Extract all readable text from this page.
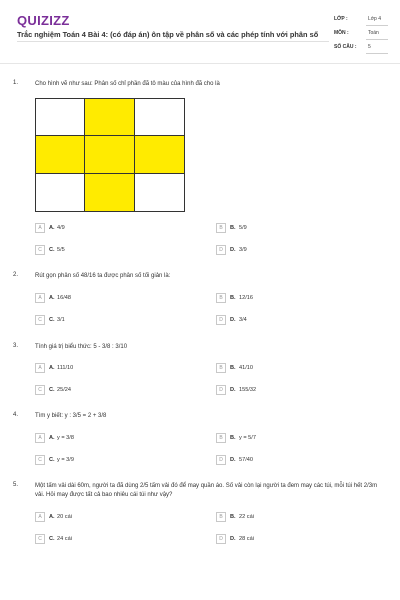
QUIZIZZ
Trắc nghiệm Toán 4 Bài 4: (có đáp án) ôn tập về phân số và các phép tính với phân số
LỚP :	Lớp 4
MÔN :	Toán
SỐ CÂU : 5
1.	Cho hình vẽ như sau: Phân số chỉ phần đã tô màu của hình đã cho là
A	A. 4/9	B	B. 5/9
C	C. 5/5	D	D. 3/9
2.	Rút gọn phân số 48/16 ta được phân số tối giản là:
A	A. 16/48	B	B. 12/16
C	C. 3/1	D	D. 3/4
3.	Tính giá trị biểu thức: 5 - 3/8 : 3/10
A	A. 111/10	B	B. 41/10
C	C. 25/24	D	D. 155/32
4.	Tìm y biết: y : 3/5 = 2 + 3/8
A	A. y = 3/8	B	B. y = 5/7
C	C. y = 3/9	D	D. 57/40
5.	Một tấm vải dài 60m, người ta đã dùng 2/5 tấm vải đó để may quần áo. Số vải còn lại người ta đem may các túi, mỗi túi hết 2/3m vải. Hỏi may được tất cả bao nhiêu cái túi như vậy?
A	A. 20 cái	B	B. 22 cái
C	C. 24 cái	D	D. 28 cái
